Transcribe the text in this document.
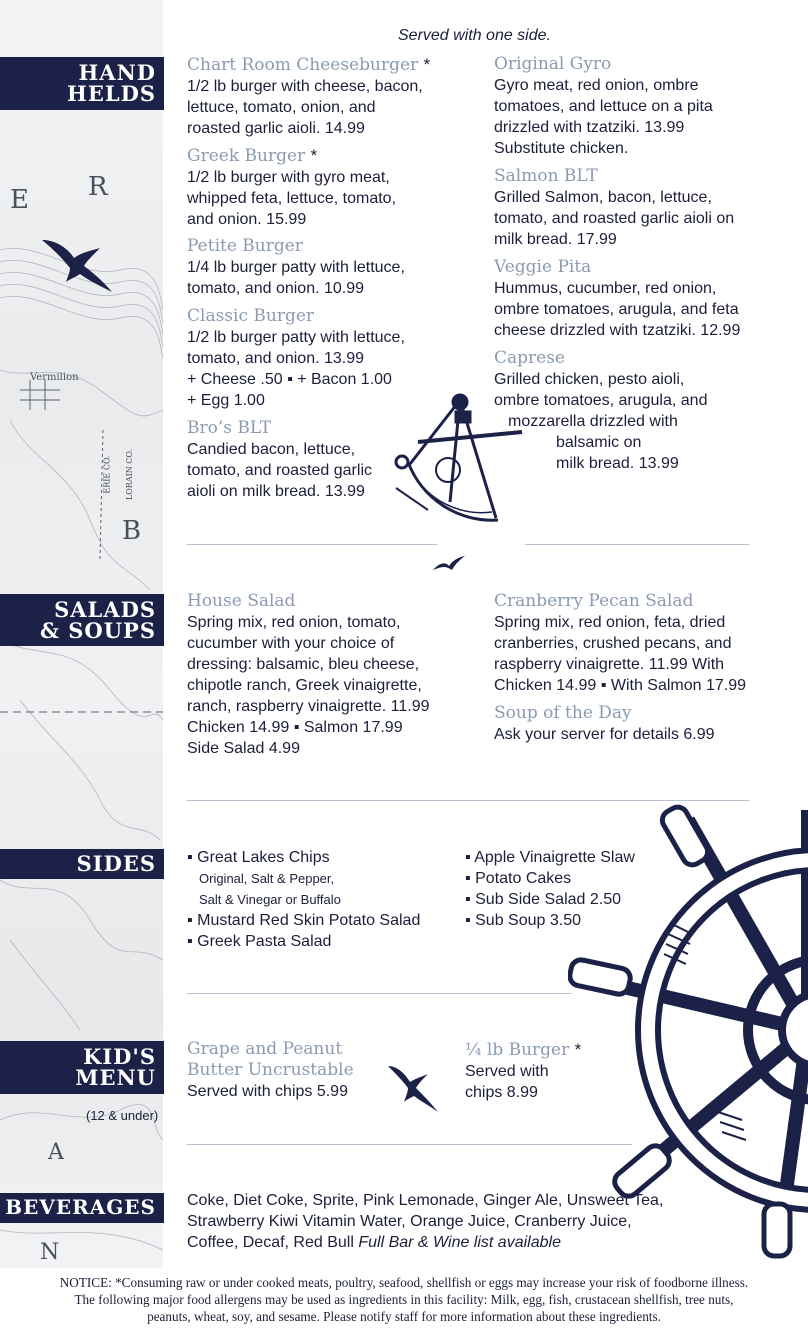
E R
B
A
N
Vermilion
ERIE CO. LORAIN CO.
HAND
HELDS
SALADS
& SOUPS
SIDES
KID'S
MENU
(12 & under)
BEVERAGES
Served with one side.
Chart Room Cheeseburger *
1/2 lb burger with cheese, bacon,
lettuce, tomato, onion, and
roasted garlic aioli. 14.99
Greek Burger *
1/2 lb burger with gyro meat,
whipped feta, lettuce, tomato,
and onion. 15.99
Petite Burger
1/4 lb burger patty with lettuce,
tomato, and onion. 10.99
Classic Burger
1/2 lb burger patty with lettuce,
tomato, and onion. 13.99
+ Cheese .50 ▪ + Bacon 1.00
+ Egg 1.00
Bro’s BLT
Candied bacon, lettuce,
tomato, and roasted garlic
aioli on milk bread. 13.99
Original Gyro
Gyro meat, red onion, ombre
tomatoes, and lettuce on a pita
drizzled with tzatziki. 13.99
Substitute chicken.
Salmon BLT
Grilled Salmon, bacon, lettuce,
tomato, and roasted garlic aioli on
milk bread. 17.99
Veggie Pita
Hummus, cucumber, red onion,
ombre tomatoes, arugula, and feta
cheese drizzled with tzatziki. 12.99
Caprese
Grilled chicken, pesto aioli,
ombre tomatoes, arugula, and
mozzarella drizzled with
balsamic on
milk bread. 13.99
House Salad
Spring mix, red onion, tomato,
cucumber with your choice of
dressing: balsamic, bleu cheese,
chipotle ranch, Greek vinaigrette,
ranch, raspberry vinaigrette. 11.99
Chicken 14.99 ▪ Salmon 17.99
Side Salad 4.99
Cranberry Pecan Salad
Spring mix, red onion, feta, dried
cranberries, crushed pecans, and
raspberry vinaigrette. 11.99 With
Chicken 14.99 ▪ With Salmon 17.99
Soup of the Day
Ask your server for details 6.99
▪ Great Lakes Chips
Original, Salt & Pepper,
Salt & Vinegar or Buffalo
▪ Mustard Red Skin Potato Salad
▪ Greek Pasta Salad
▪ Apple Vinaigrette Slaw
▪ Potato Cakes
▪ Sub Side Salad 2.50
▪ Sub Soup 3.50
Grape and Peanut
Butter Uncrustable
Served with chips 5.99
¼ lb Burger *
Served with
chips 8.99
Coke, Diet Coke, Sprite, Pink Lemonade, Ginger Ale, Unsweet Tea,
Strawberry Kiwi Vitamin Water, Orange Juice, Cranberry Juice,
Coffee, Decaf, Red Bull Full Bar & Wine list available
NOTICE: *Consuming raw or under cooked meats, poultry, seafood, shellfish or eggs may increase your risk of foodborne illness.
The following major food allergens may be used as ingredients in this facility: Milk, egg, fish, crustacean shellfish, tree nuts,
peanuts, wheat, soy, and sesame. Please notify staff for more information about these ingredients.
